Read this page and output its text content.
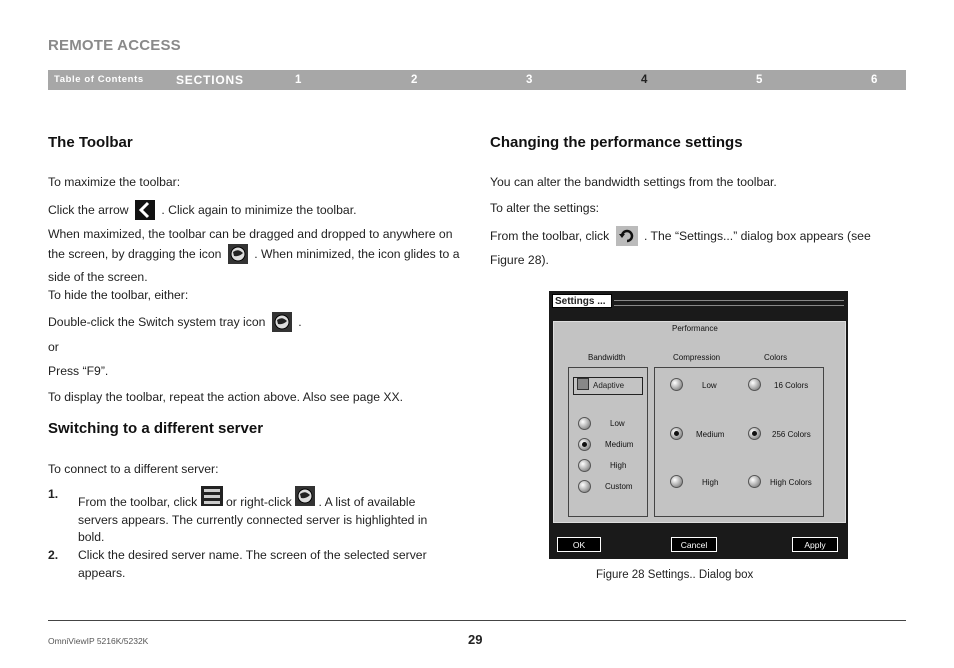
REMOTE ACCESS
Table of Contents	SECTIONS	1	2	3	4	5	6
The Toolbar
To maximize the toolbar:
Click the arrow	. Click again to minimize the toolbar.
When maximized, the toolbar can be dragged and dropped to anywhere on the screen, by dragging the icon	. When minimized, the icon glides to a side of the screen.
To hide the toolbar, either:
Double-click the Switch system tray icon	.
or
Press “F9”.
To display the toolbar, repeat the action above. Also see page XX.
Switching to a different server
To connect to a different server:
1.
From the toolbar, click or right-click . A list of available servers appears. The currently connected server is highlighted in bold.
2. Click the desired server name. The screen of the selected server appears.
Changing the performance settings
You can alter the bandwidth settings from the toolbar.
To alter the settings:
From the toolbar, click	. The “Settings...” dialog box appears (see Figure 28).
Settings ...
Performance
Bandwidth	Compression	Colors
Adaptive
Low
Medium
High
Custom
Low
Medium
High
16 Colors
256 Colors
High Colors
OK	Cancel	Apply
Figure 28 Settings.. Dialog box
OmniViewIP 5216K/5232K	29
